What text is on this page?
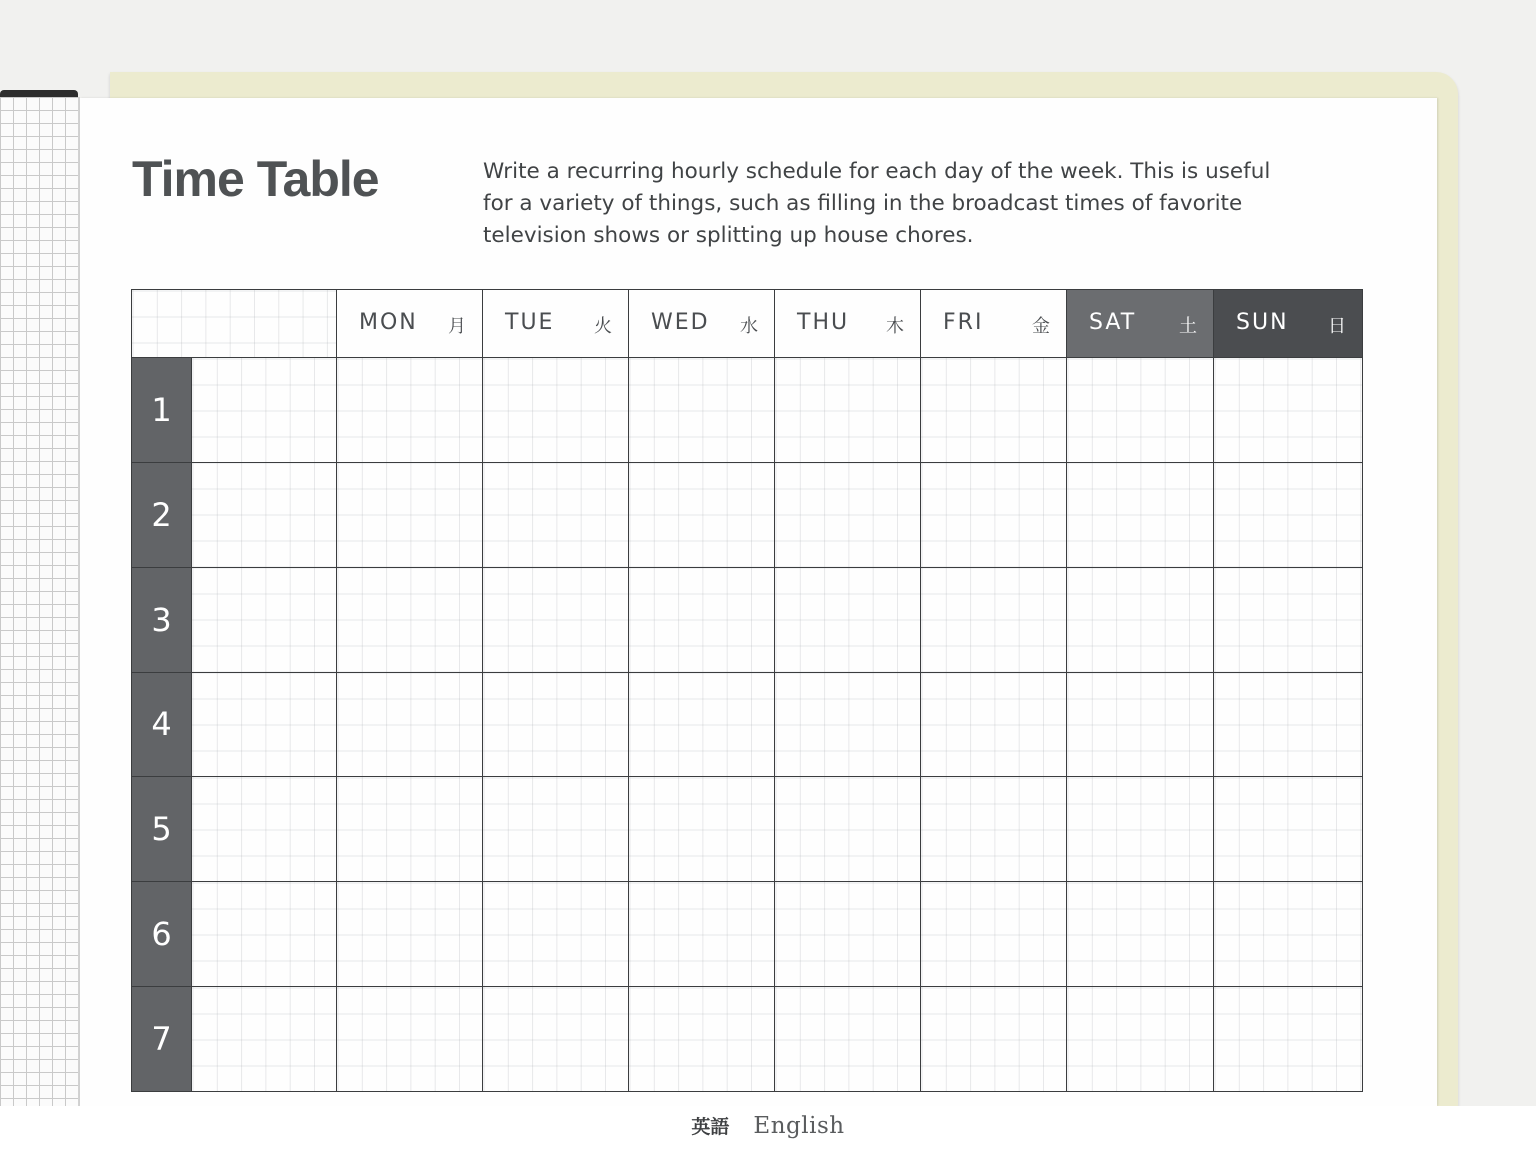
Time Table	Write a recurring hourly schedule for each day of the week. This is useful
for a variety of things, such as filling in the broadcast times of favorite
television shows or splitting up house chores.

		MON 月	TUE 火	WED 水	THU 木	FRI 金	SAT 土	SUN 日

1								
2								
3								
4								
5								
6								
7								
英語 English
